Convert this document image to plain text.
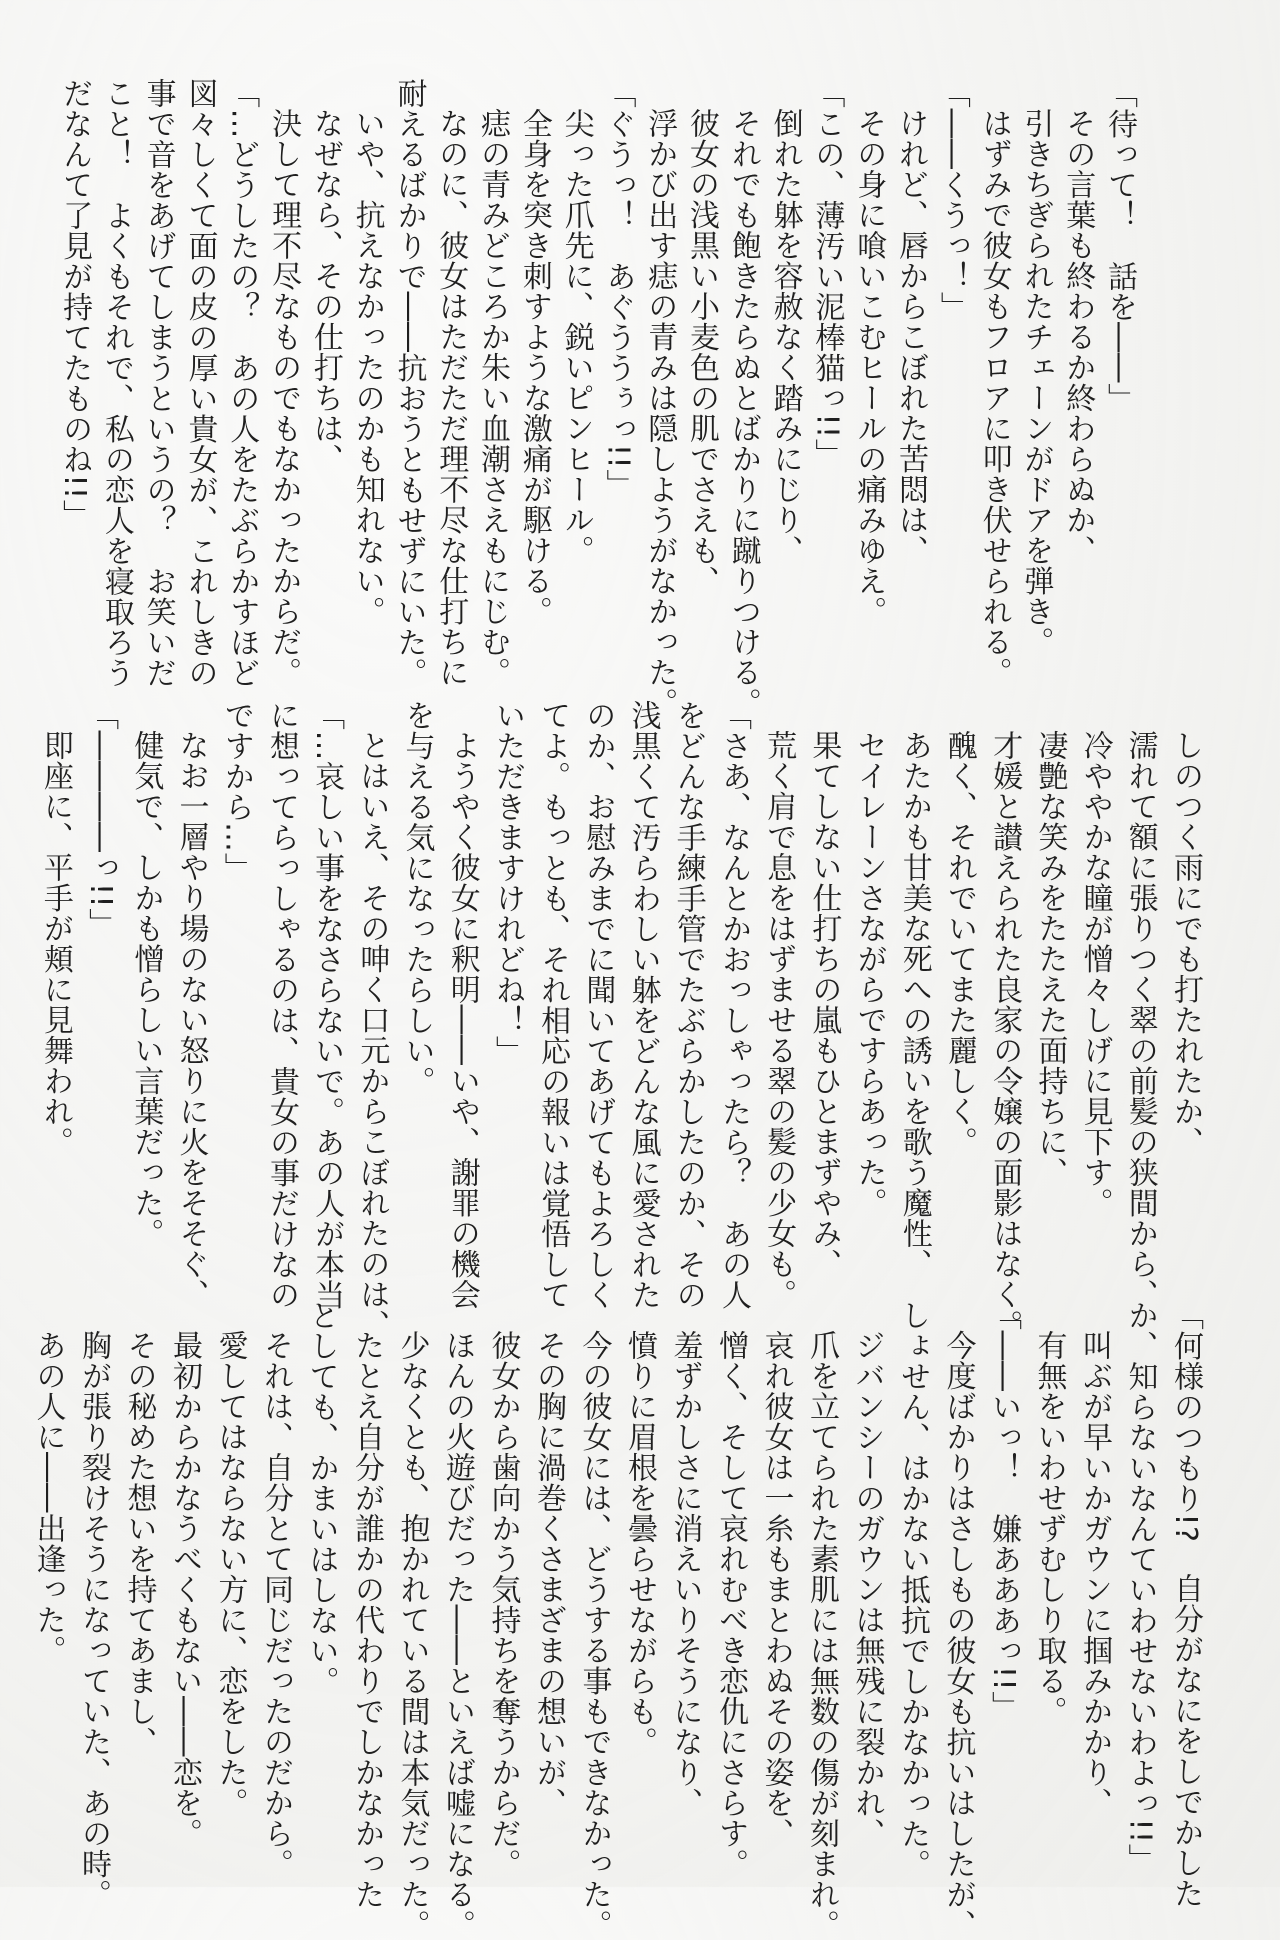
「待って！　話を――」
その言葉も終わるか終わらぬか、
引きちぎられたチェーンがドアを弾き。
はずみで彼女もフロアに叩き伏せられる。
「――くうっ！」
けれど、唇からこぼれた苦悶は、
その身に喰いこむヒールの痛みゆえ。
「この、薄汚い泥棒猫っ!!」
倒れた躰を容赦なく踏みにじり、
それでも飽きたらぬとばかりに蹴りつける。
彼女の浅黒い小麦色の肌でさえも、
浮かび出す痣の青みは隠しようがなかった。
「ぐうっ！　あぐううぅっ!!」
尖った爪先に、鋭いピンヒール。
全身を突き刺すような激痛が駆ける。
痣の青みどころか朱い血潮さえもにじむ。
なのに、彼女はただただ理不尽な仕打ちに
耐えるばかりで――抗おうともせずにいた。
いや、抗えなかったのかも知れない。
なぜなら、その仕打ちは、
決して理不尽なものでもなかったからだ。
「…どうしたの？　あの人をたぶらかすほど
図々しくて面の皮の厚い貴女が、これしきの
事で音をあげてしまうというの？　お笑いだ
こと！　よくもそれで、私の恋人を寝取ろう
だなんて了見が持てたものね!!」
しのつく雨にでも打たれたか、
濡れて額に張りつく翠の前髪の狭間から、
冷ややかな瞳が憎々しげに見下す。
凄艶な笑みをたたえた面持ちに、
才媛と讃えられた良家の令嬢の面影はなく。
醜く、それでいてまた麗しく。
あたかも甘美な死への誘いを歌う魔性、
セイレーンさながらですらあった。
果てしない仕打ちの嵐もひとまずやみ、
荒く肩で息をはずませる翠の髪の少女も。
「さあ、なんとかおっしゃったら？　あの人
をどんな手練手管でたぶらかしたのか、その
浅黒くて汚らわしい躰をどんな風に愛された
のか、お慰みまでに聞いてあげてもよろしく
てよ。もっとも、それ相応の報いは覚悟して
いただきますけれどね！」
ようやく彼女に釈明――いや、謝罪の機会
を与える気になったらしい。
とはいえ、その呻く口元からこぼれたのは、
「…哀しい事をなさらないで。あの人が本当
に想ってらっしゃるのは、貴女の事だけなの
ですから…」
なお一層やり場のない怒りに火をそそぐ、
健気で、しかも憎らしい言葉だった。
「――――っ!!」
即座に、平手が頬に見舞われ。
「何様のつもり!?　自分がなにをしでかした
か、知らないなんていわせないわよっ!!」
叫ぶが早いかガウンに掴みかかり、
有無をいわせずむしり取る。
「――いっ！　嫌あああっ!!」
今度ばかりはさしもの彼女も抗いはしたが、
しょせん、はかない抵抗でしかなかった。
ジバンシーのガウンは無残に裂かれ、
爪を立てられた素肌には無数の傷が刻まれ。
哀れ彼女は一糸もまとわぬその姿を、
憎く、そして哀れむべき恋仇にさらす。
羞ずかしさに消えいりそうになり、
憤りに眉根を曇らせながらも。
今の彼女には、どうする事もできなかった。
その胸に渦巻くさまざまの想いが、
彼女から歯向かう気持ちを奪うからだ。
ほんの火遊びだった――といえば嘘になる。
少なくとも、抱かれている間は本気だった。
たとえ自分が誰かの代わりでしかなかった
としても、かまいはしない。
それは、自分とて同じだったのだから。
愛してはならない方に、恋をした。
最初からかなうべくもない――恋を。
その秘めた想いを持てあまし、
胸が張り裂けそうになっていた、あの時。
あの人に――出逢った。
